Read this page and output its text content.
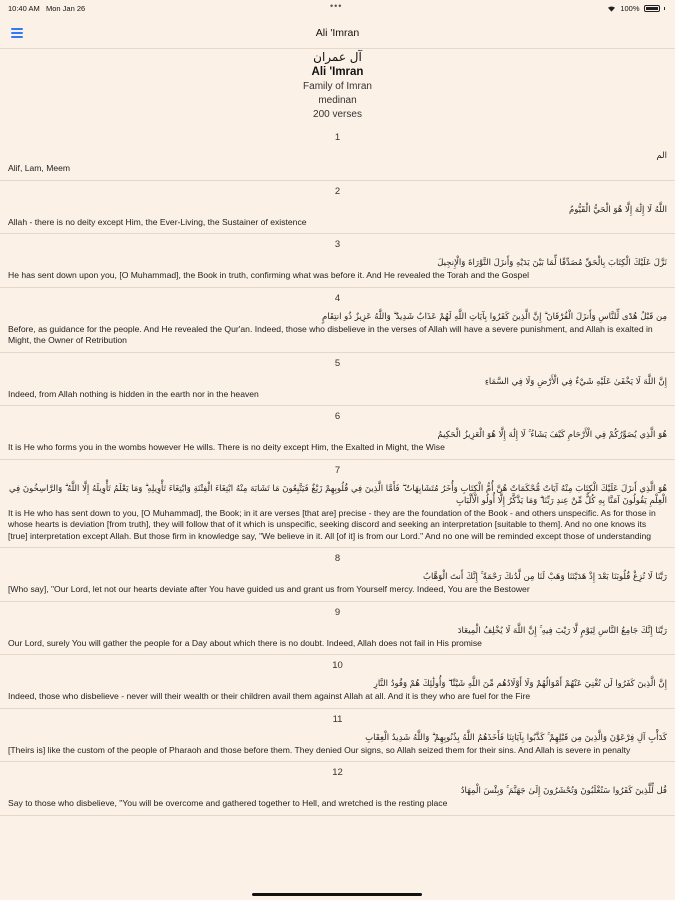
10:40 AM Mon Jan 26	•••	100%
Ali 'Imran
آل عمران
Ali 'Imran
Family of Imran
medinan
200 verses
1
الم
Alif, Lam, Meem
2
اللَّهُ لَا إِلَٰهَ إِلَّا هُوَ الْحَيُّ الْقَيُّومُ
Allah - there is no deity except Him, the Ever-Living, the Sustainer of existence
3
نَزَّلَ عَلَيْكَ الْكِتَابَ بِالْحَقِّ مُصَدِّقًا لِّمَا بَيْنَ يَدَيْهِ وَأَنزَلَ التَّوْرَاةَ وَالْإِنجِيلَ
He has sent down upon you, [O Muhammad], the Book in truth, confirming what was before it. And He revealed the Torah and the Gospel
4
مِن قَبْلُ هُدًى لِّلنَّاسِ وَأَنزَلَ الْفُرْقَانَ ۗ إِنَّ الَّذِينَ كَفَرُوا بِآيَاتِ اللَّهِ لَهُمْ عَذَابٌ شَدِيدٌ ۗ وَاللَّهُ عَزِيزٌ ذُو انتِقَامٍ
Before, as guidance for the people. And He revealed the Qur'an. Indeed, those who disbelieve in the verses of Allah will have a severe punishment, and Allah is exalted in Might, the Owner of Retribution
5
إِنَّ اللَّهَ لَا يَخْفَىٰ عَلَيْهِ شَيْءٌ فِي الْأَرْضِ وَلَا فِي السَّمَاءِ
Indeed, from Allah nothing is hidden in the earth nor in the heaven
6
هُوَ الَّذِي يُصَوِّرُكُمْ فِي الْأَرْحَامِ كَيْفَ يَشَاءُ ۚ لَا إِلَٰهَ إِلَّا هُوَ الْعَزِيزُ الْحَكِيمُ
It is He who forms you in the wombs however He wills. There is no deity except Him, the Exalted in Might, the Wise
7
هُوَ الَّذِي أَنزَلَ عَلَيْكَ الْكِتَابَ مِنْهُ آيَاتٌ مُّحْكَمَاتٌ هُنَّ أُمُّ الْكِتَابِ وَأُخَرُ مُتَشَابِهَاتٌ ۖ فَأَمَّا الَّذِينَ فِي قُلُوبِهِمْ زَيْغٌ فَيَتَّبِعُونَ مَا تَشَابَهَ مِنْهُ ابْتِغَاءَ الْفِتْنَةِ وَابْتِغَاءَ تَأْوِيلِهِ ۗ وَمَا يَعْلَمُ تَأْوِيلَهُ إِلَّا اللَّهُ ۗ وَالرَّاسِخُونَ فِي الْعِلْمِ يَقُولُونَ آمَنَّا بِهِ كُلٌّ مِّنْ عِندِ رَبِّنَا ۗ وَمَا يَذَّكَّرُ إِلَّا أُولُو الْأَلْبَابِ
It is He who has sent down to you, [O Muhammad], the Book; in it are verses [that are] precise - they are the foundation of the Book - and others unspecific. As for those in whose hearts is deviation [from truth], they will follow that of it which is unspecific, seeking discord and seeking an interpretation [suitable to them]. And no one knows its [true] interpretation except Allah. But those firm in knowledge say, "We believe in it. All [of it] is from our Lord." And no one will be reminded except those of understanding
8
رَبَّنَا لَا تُزِغْ قُلُوبَنَا بَعْدَ إِذْ هَدَيْتَنَا وَهَبْ لَنَا مِن لَّدُنكَ رَحْمَةً ۚ إِنَّكَ أَنتَ الْوَهَّابُ
[Who say], "Our Lord, let not our hearts deviate after You have guided us and grant us from Yourself mercy. Indeed, You are the Bestower
9
رَبَّنَا إِنَّكَ جَامِعُ النَّاسِ لِيَوْمٍ لَّا رَيْبَ فِيهِ ۚ إِنَّ اللَّهَ لَا يُخْلِفُ الْمِيعَادَ
Our Lord, surely You will gather the people for a Day about which there is no doubt. Indeed, Allah does not fail in His promise
10
إِنَّ الَّذِينَ كَفَرُوا لَن تُغْنِيَ عَنْهُمْ أَمْوَالُهُمْ وَلَا أَوْلَادُهُم مِّنَ اللَّهِ شَيْئًا ۖ وَأُولَٰئِكَ هُمْ وَقُودُ النَّارِ
Indeed, those who disbelieve - never will their wealth or their children avail them against Allah at all. And it is they who are fuel for the Fire
11
كَدَأْبِ آلِ فِرْعَوْنَ وَالَّذِينَ مِن قَبْلِهِمْ ۚ كَذَّبُوا بِآيَاتِنَا فَأَخَذَهُمُ اللَّهُ بِذُنُوبِهِمْ ۗ وَاللَّهُ شَدِيدُ الْعِقَابِ
[Theirs is] like the custom of the people of Pharaoh and those before them. They denied Our signs, so Allah seized them for their sins. And Allah is severe in penalty
12
قُل لِّلَّذِينَ كَفَرُوا سَتُغْلَبُونَ وَتُحْشَرُونَ إِلَىٰ جَهَنَّمَ ۚ وَبِئْسَ الْمِهَادُ
Say to those who disbelieve, "You will be overcome and gathered together to Hell, and wretched is the resting place
